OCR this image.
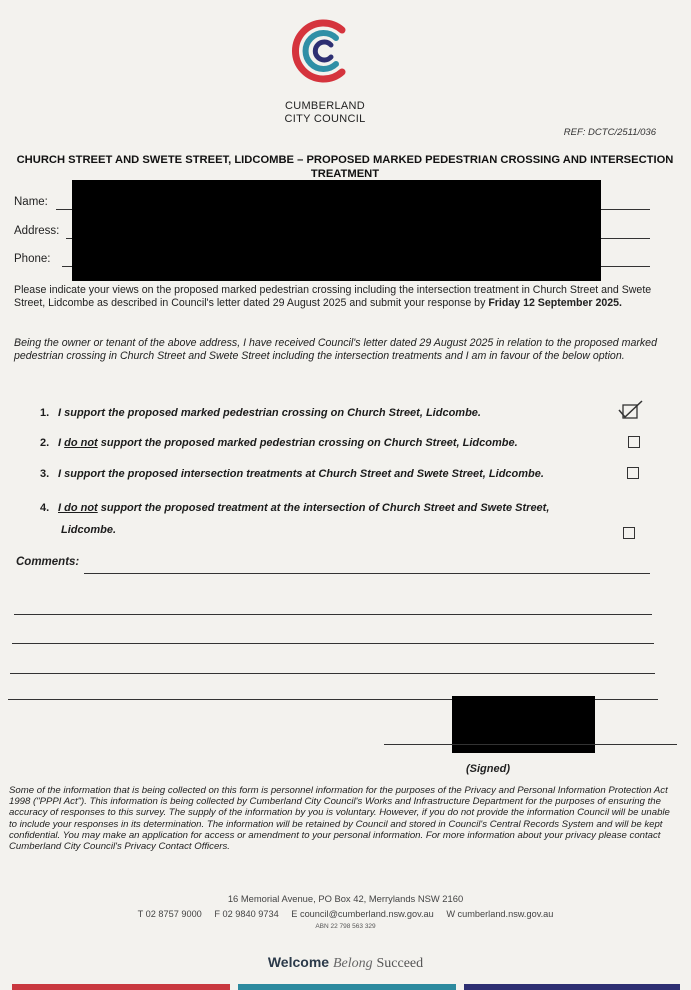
CUMBERLAND
CITY COUNCIL
REF: DCTC/2511/036
CHURCH STREET AND SWETE STREET, LIDCOMBE – PROPOSED MARKED PEDESTRIAN CROSSING AND INTERSECTION TREATMENT
Name:
Address:
Phone:
Please indicate your views on the proposed marked pedestrian crossing including the intersection treatment in Church Street and Swete Street, Lidcombe as described in Council's letter dated 29 August 2025 and submit your response by Friday 12 September 2025.
Being the owner or tenant of the above address, I have received Council's letter dated 29 August 2025 in relation to the proposed marked pedestrian crossing in Church Street and Swete Street including the intersection treatments and I am in favour of the below option.
1. I support the proposed marked pedestrian crossing on Church Street, Lidcombe.
2. I do not support the proposed marked pedestrian crossing on Church Street, Lidcombe.
3. I support the proposed intersection treatments at Church Street and Swete Street, Lidcombe.
4. I do not support the proposed treatment at the intersection of Church Street and Swete Street,
Lidcombe.
Comments:
(Signed)
Some of the information that is being collected on this form is personnel information for the purposes of the Privacy and Personal Information Protection Act 1998 ("PPPI Act"). This information is being collected by Cumberland City Council's Works and Infrastructure Department for the purposes of ensuring the accuracy of responses to this survey. The supply of the information by you is voluntary. However, if you do not provide the information Council will be unable to include your responses in its determination. The information will be retained by Council and stored in Council's Central Records System and will be kept confidential. You may make an application for access or amendment to your personal information. For more information about your privacy please contact Cumberland City Council's Privacy Contact Officers.
16 Memorial Avenue, PO Box 42, Merrylands NSW 2160
T 02 8757 9000 F 02 9840 9734 E council@cumberland.nsw.gov.au W cumberland.nsw.gov.au
ABN 22 798 563 329
Welcome Belong Succeed
